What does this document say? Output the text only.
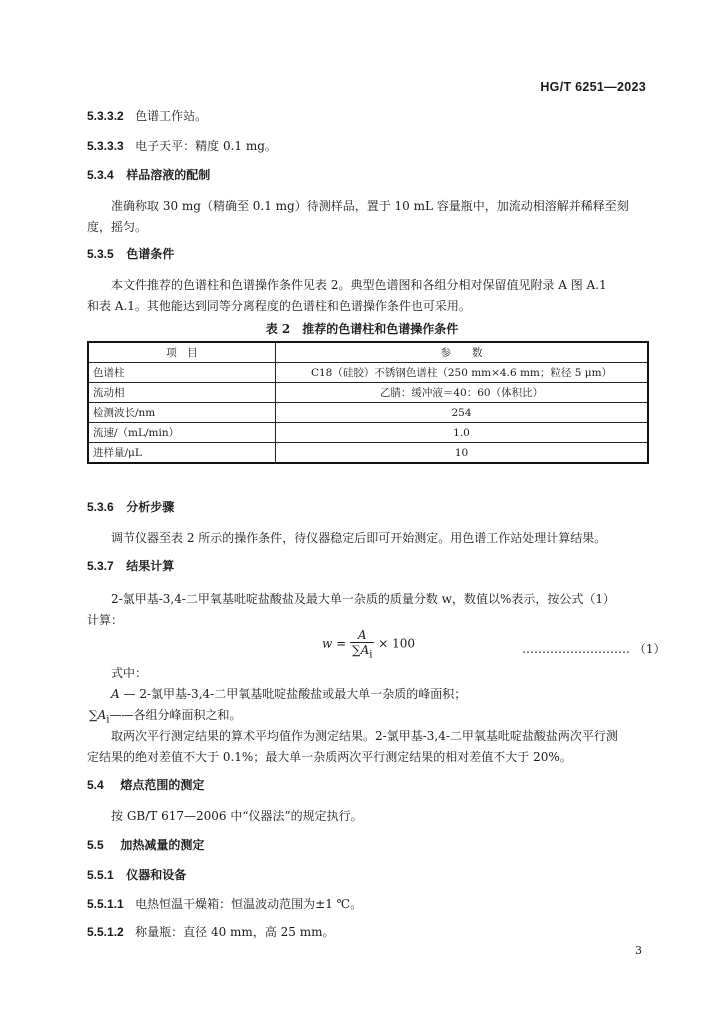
HG/T 6251—2023
5.3.3.2 色谱工作站。
5.3.3.3 电子天平：精度 0.1 mg。
5.3.4 样品溶液的配制
准确称取 30 mg（精确至 0.1 mg）待测样品，置于 10 mL 容量瓶中，加流动相溶解并稀释至刻
度，摇匀。
5.3.5 色谱条件
本文件推荐的色谱柱和色谱操作条件见表 2。典型色谱图和各组分相对保留值见附录 A 图 A.1
和表 A.1。其他能达到同等分离程度的色谱柱和色谱操作条件也可采用。
表 2　推荐的色谱柱和色谱操作条件
项　目	参　　数
色谱柱	C18（硅胶）不锈钢色谱柱（250 mm×4.6 mm；粒径 5 μm）
流动相	乙腈：缓冲液＝40：60（体积比）
检测波长/nm	254
流速/（mL/min）	1.0
进样量/μL	10
5.3.6 分析步骤
调节仪器至表 2 所示的操作条件，待仪器稳定后即可开始测定。用色谱工作站处理计算结果。
5.3.7 结果计算
2-氯甲基-3,4-二甲氧基吡啶盐酸盐及最大单一杂质的质量分数 w，数值以%表示，按公式（1）
计算：
$w = \frac{A}{\sum A_i} \times 100$	……………………… （1）
式中：
A — 2-氯甲基-3,4-二甲氧基吡啶盐酸盐或最大单一杂质的峰面积；
$\sum A_i——$各组分峰面积之和。
取两次平行测定结果的算术平均值作为测定结果。2-氯甲基-3,4-二甲氧基吡啶盐酸盐两次平行测
定结果的绝对差值不大于 0.1%；最大单一杂质两次平行测定结果的相对差值不大于 20%。
5.4 熔点范围的测定
按 GB/T 617—2006 中“仪器法”的规定执行。
5.5 加热减量的测定
5.5.1 仪器和设备
5.5.1.1 电热恒温干燥箱：恒温波动范围为±1 ℃。
5.5.1.2 称量瓶：直径 40 mm，高 25 mm。
3
